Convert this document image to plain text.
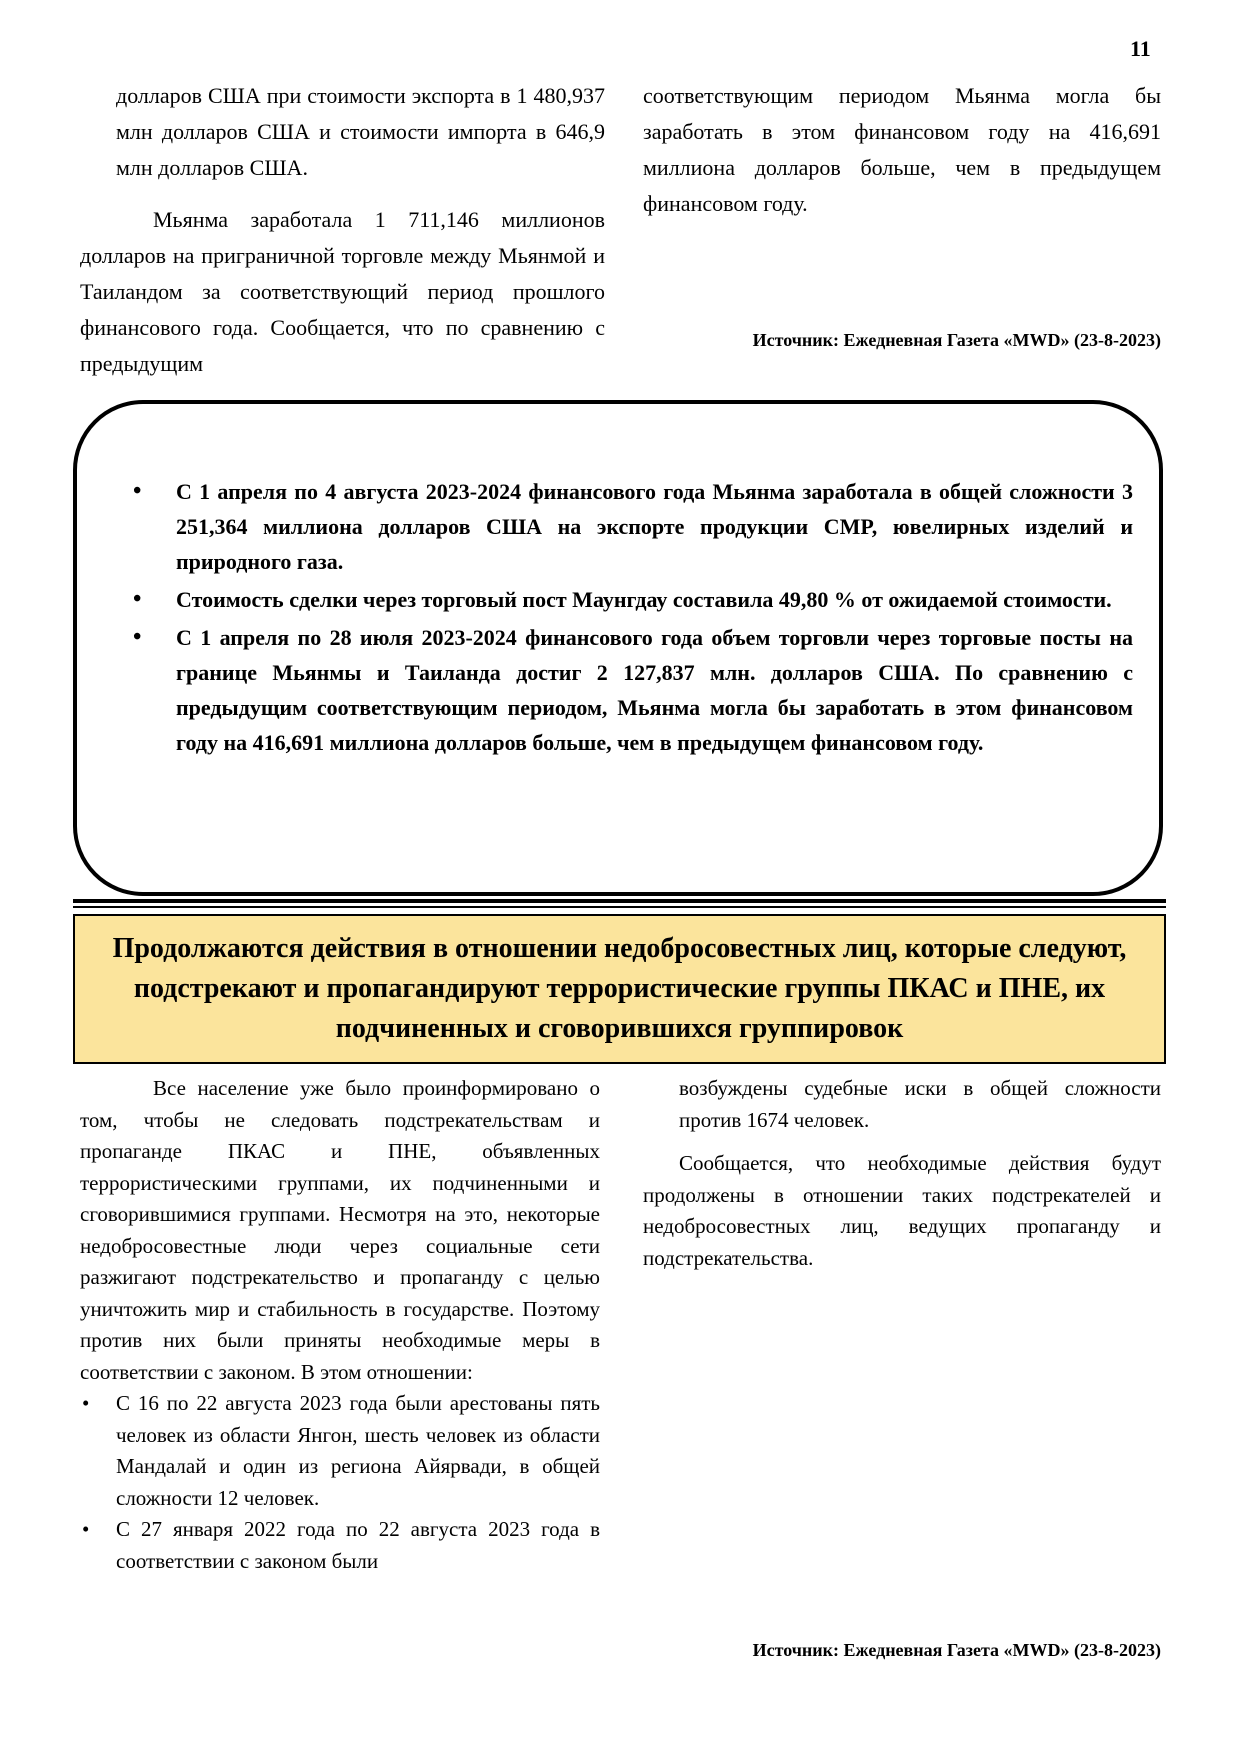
11

долларов США при стоимости экспорта в 1 480,937 млн долларов США и стоимости импорта в 646,9 млн долларов США.

Мьянма заработала 1 711,146 миллионов долларов на приграничной торговле между Мьянмой и Таиландом за соответствующий период прошлого финансового года. Сообщается, что по сравнению с предыдущим

соответствующим периодом Мьянма могла бы заработать в этом финансовом году на 416,691 миллиона долларов больше, чем в предыдущем финансовом году.

Источник: Ежедневная Газета «MWD» (23-8-2023)
• С 1 апреля по 4 августа 2023-2024 финансового года Мьянма заработала в общей сложности 3 251,364 миллиона долларов США на экспорте продукции CMP, ювелирных изделий и природного газа.
• Стоимость сделки через торговый пост Маунгдау составила 49,80 % от ожидаемой стоимости.
• С 1 апреля по 28 июля 2023-2024 финансового года объем торговли через торговые посты на границе Мьянмы и Таиланда достиг 2 127,837 млн. долларов США. По сравнению с предыдущим соответствующим периодом, Мьянма могла бы заработать в этом финансовом году на 416,691 миллиона долларов больше, чем в предыдущем финансовом году.
Продолжаются действия в отношении недобросовестных лиц, которые следуют, подстрекают и пропагандируют террористические группы ПКАС и ПНЕ, их подчиненных и сговорившихся группировок

Все население уже было проинформировано о том, чтобы не следовать подстрекательствам и пропаганде ПКАС и ПНЕ, объявленных террористическими группами, их подчиненными и сговорившимися группами. Несмотря на это, некоторые недобросовестные люди через социальные сети разжигают подстрекательство и пропаганду с целью уничтожить мир и стабильность в государстве. Поэтому против них были приняты необходимые меры в соответствии с законом. В этом отношении:

• С 16 по 22 августа 2023 года были арестованы пять человек из области Янгон, шесть человек из области Мандалай и один из региона Айярвади, в общей сложности 12 человек.
• С 27 января 2022 года по 22 августа 2023 года в соответствии с законом были

возбуждены судебные иски в общей сложности против 1674 человек.

Сообщается, что необходимые действия будут продолжены в отношении таких подстрекателей и недобросовестных лиц, ведущих пропаганду и подстрекательства.

Источник: Ежедневная Газета «MWD» (23-8-2023)
